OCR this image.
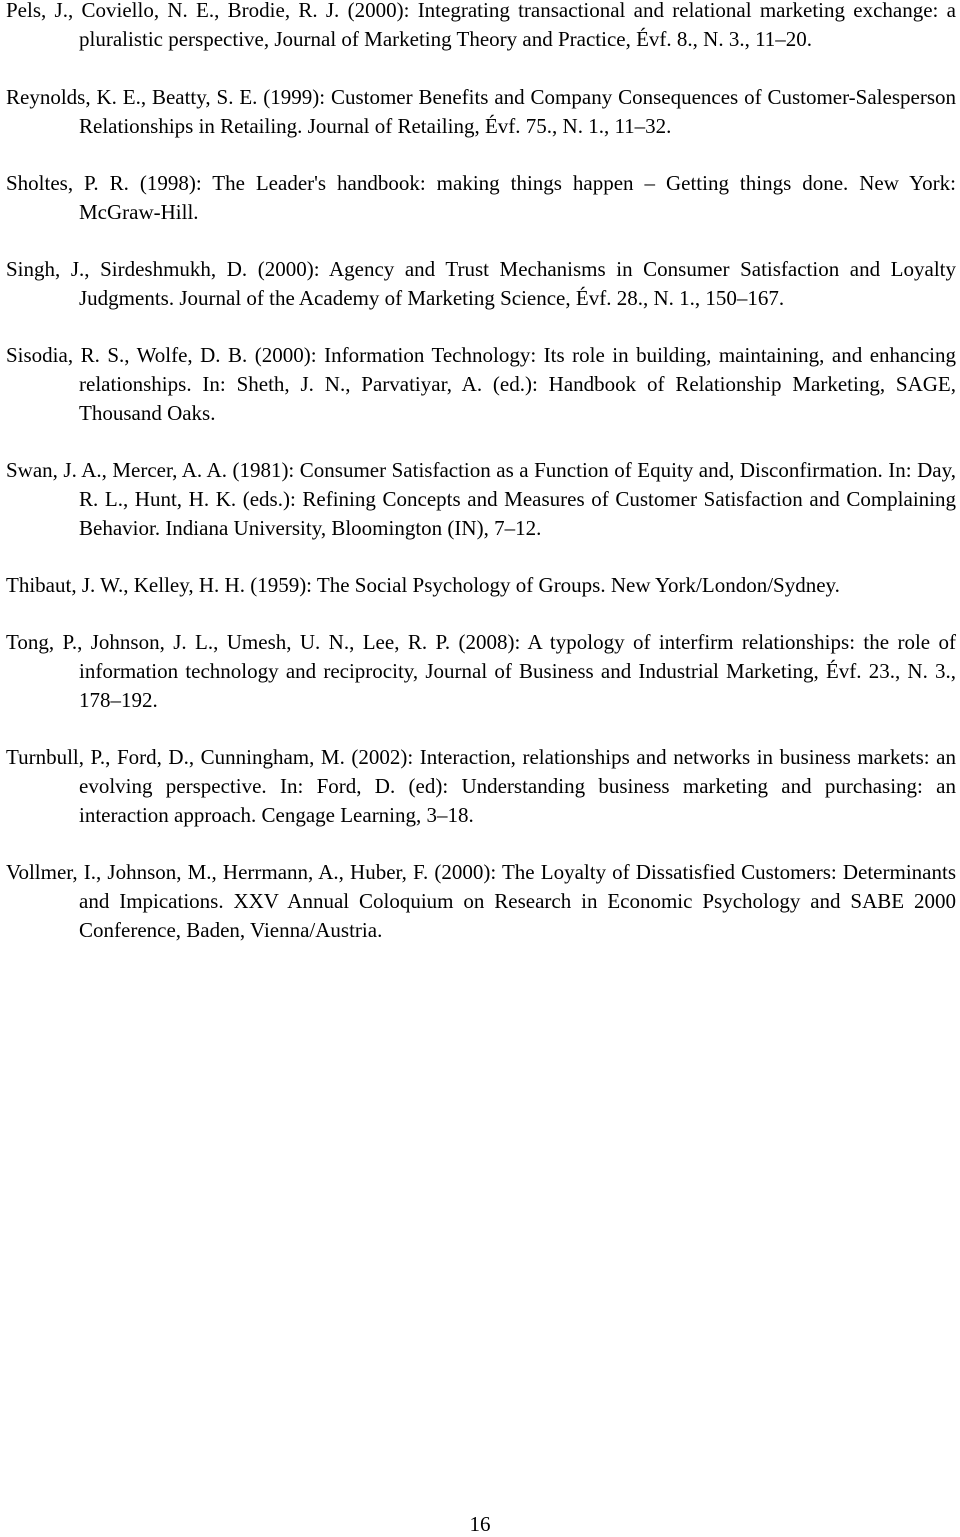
Pels, J., Coviello, N. E., Brodie, R. J. (2000): Integrating transactional and relational marketing exchange: a pluralistic perspective, Journal of Marketing Theory and Practice, Évf. 8., N. 3., 11–20.
Reynolds, K. E., Beatty, S. E. (1999): Customer Benefits and Company Consequences of Customer-Salesperson Relationships in Retailing. Journal of Retailing, Évf. 75., N. 1., 11–32.
Sholtes, P. R. (1998): The Leader's handbook: making things happen – Getting things done. New York: McGraw-Hill.
Singh, J., Sirdeshmukh, D. (2000): Agency and Trust Mechanisms in Consumer Satisfaction and Loyalty Judgments. Journal of the Academy of Marketing Science, Évf. 28., N. 1., 150–167.
Sisodia, R. S., Wolfe, D. B. (2000): Information Technology: Its role in building, maintaining, and enhancing relationships. In: Sheth, J. N., Parvatiyar, A. (ed.): Handbook of Relationship Marketing, SAGE, Thousand Oaks.
Swan, J. A., Mercer, A. A. (1981): Consumer Satisfaction as a Function of Equity and, Disconfirmation. In: Day, R. L., Hunt, H. K. (eds.): Refining Concepts and Measures of Customer Satisfaction and Complaining Behavior. Indiana University, Bloomington (IN), 7–12.
Thibaut, J. W., Kelley, H. H. (1959): The Social Psychology of Groups. New York/London/Sydney.
Tong, P., Johnson, J. L., Umesh, U. N., Lee, R. P. (2008): A typology of interfirm relationships: the role of information technology and reciprocity, Journal of Business and Industrial Marketing, Évf. 23., N. 3., 178–192.
Turnbull, P., Ford, D., Cunningham, M. (2002): Interaction, relationships and networks in business markets: an evolving perspective. In: Ford, D. (ed): Understanding business marketing and purchasing: an interaction approach. Cengage Learning, 3–18.
Vollmer, I., Johnson, M., Herrmann, A., Huber, F. (2000): The Loyalty of Dissatisfied Customers: Determinants and Impications. XXV Annual Coloquium on Research in Economic Psychology and SABE 2000 Conference, Baden, Vienna/Austria.
16
